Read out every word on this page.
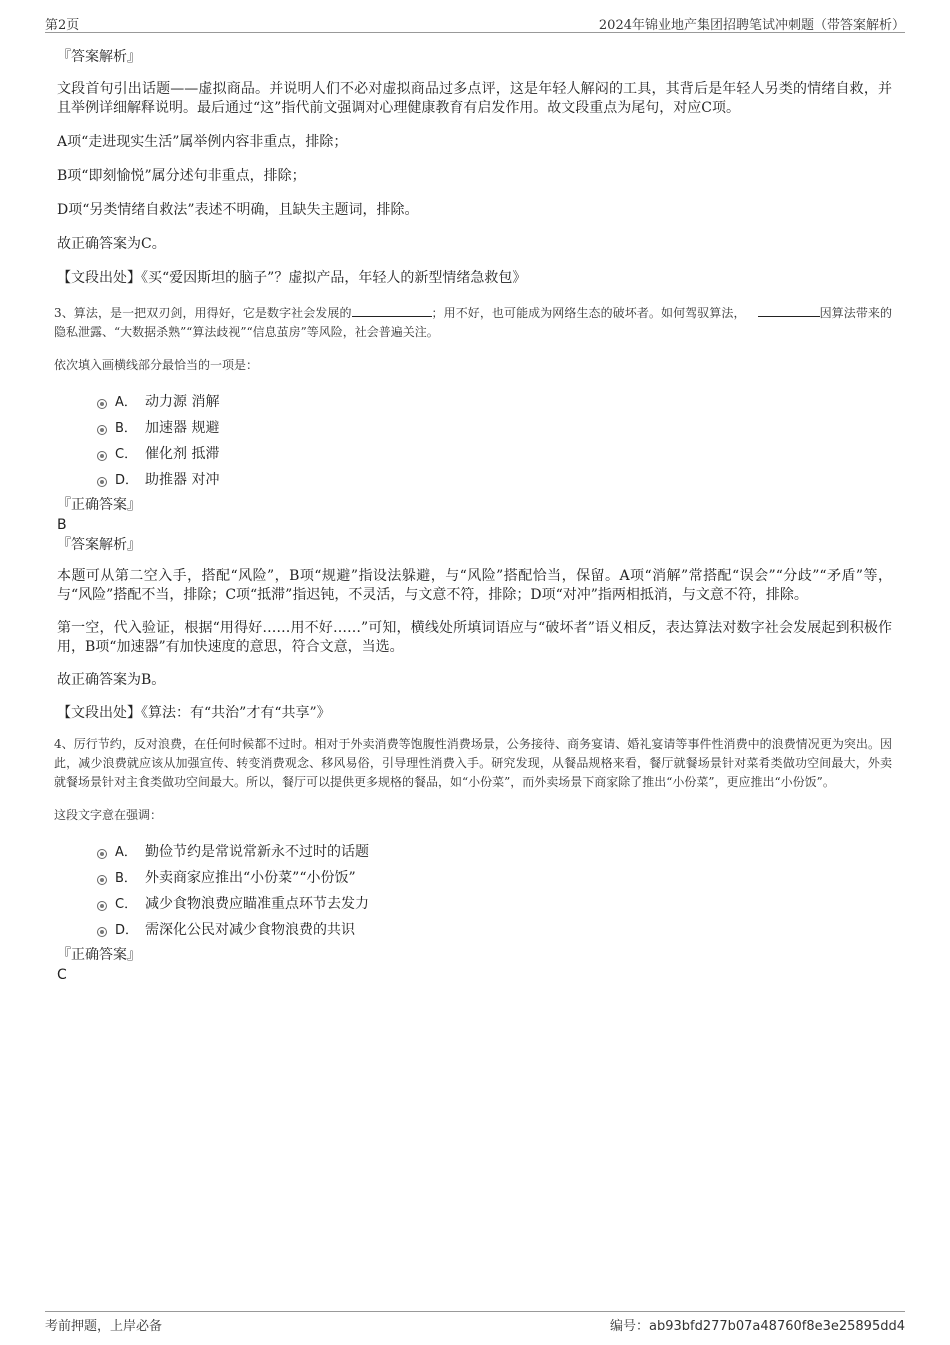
第2页	2024年锦业地产集团招聘笔试冲刺题（带答案解析）

『答案解析』

文段首句引出话题——虚拟商品。并说明人们不必对虚拟商品过多点评，这是年轻人解闷的工具，其背后是年轻人另类的情绪自救，并且举例详细解释说明。最后通过“这”指代前文强调对心理健康教育有启发作用。故文段重点为尾句，对应C项。

A项“走进现实生活”属举例内容非重点，排除；

B项“即刻愉悦”属分述句非重点，排除；

D项“另类情绪自救法”表述不明确，且缺失主题词，排除。

故正确答案为C。

【文段出处】《买“爱因斯坦的脑子”？虚拟产品，年轻人的新型情绪急救包》

3、算法，是一把双刃剑，用得好，它是数字社会发展的	；用不好，也可能成为网络生态的破坏者。如何驾驭算法，	因算法带来的隐私泄露、“大数据杀熟”“算法歧视”“信息茧房”等风险，社会普遍关注。

依次填入画横线部分最恰当的一项是：

A． 动力源 消解
B． 加速器 规避
C． 催化剂 抵滞
D． 助推器 对冲

『正确答案』

B

『答案解析』

本题可从第二空入手，搭配“风险”，B项“规避”指设法躲避，与“风险”搭配恰当，保留。A项“消解”常搭配“误会”“分歧”“矛盾”等，与“风险”搭配不当，排除；C项“抵滞”指迟钝，不灵活，与文意不符，排除；D项“对冲”指两相抵消，与文意不符，排除。

第一空，代入验证，根据“用得好……用不好……”可知，横线处所填词语应与“破坏者”语义相反，表达算法对数字社会发展起到积极作用，B项“加速器”有加快速度的意思，符合文意，当选。

故正确答案为B。

【文段出处】《算法：有“共治”才有“共享”》

4、厉行节约，反对浪费，在任何时候都不过时。相对于外卖消费等饱腹性消费场景，公务接待、商务宴请、婚礼宴请等事件性消费中的浪费情况更为突出。因此，减少浪费就应该从加强宣传、转变消费观念、移风易俗，引导理性消费入手。研究发现，从餐品规格来看，餐厅就餐场景针对菜肴类做功空间最大，外卖就餐场景针对主食类做功空间最大。所以，餐厅可以提供更多规格的餐品，如“小份菜”，而外卖场景下商家除了推出“小份菜”，更应推出“小份饭”。

这段文字意在强调：

A． 勤俭节约是常说常新永不过时的话题
B． 外卖商家应推出“小份菜”“小份饭”
C． 减少食物浪费应瞄准重点环节去发力
D． 需深化公民对减少食物浪费的共识

『正确答案』

C

考前押题，上岸必备	编号：ab93bfd277b07a48760f8e3e25895dd4
